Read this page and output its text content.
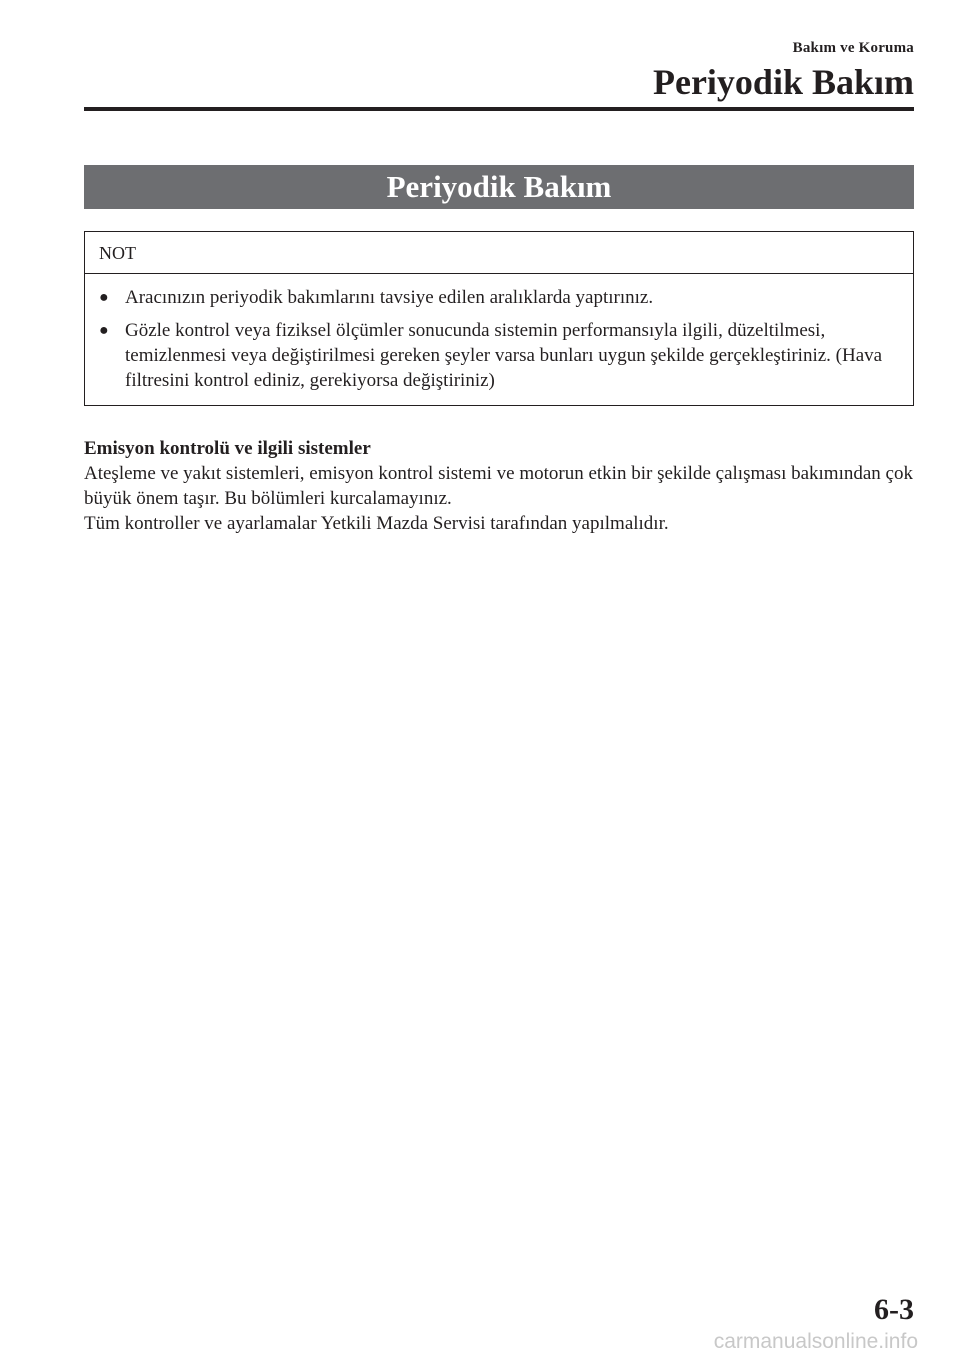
Bakım ve Koruma
Periyodik Bakım
Periyodik Bakım
NOT
● Aracınızın periyodik bakımlarını tavsiye edilen aralıklarda yaptırınız.
● Gözle kontrol veya fiziksel ölçümler sonucunda sistemin performansıyla ilgili, düzeltilmesi, temizlenmesi veya değiştirilmesi gereken şeyler varsa bunları uygun şekilde gerçekleştiriniz. (Hava filtresini kontrol ediniz, gerekiyorsa değiştiriniz)
Emisyon kontrolü ve ilgili sistemler
Ateşleme ve yakıt sistemleri, emisyon kontrol sistemi ve motorun etkin bir şekilde çalışması bakımından çok büyük önem taşır. Bu bölümleri kurcalamayınız.
Tüm kontroller ve ayarlamalar Yetkili Mazda Servisi tarafından yapılmalıdır.
6-3
carmanualsonline.info
